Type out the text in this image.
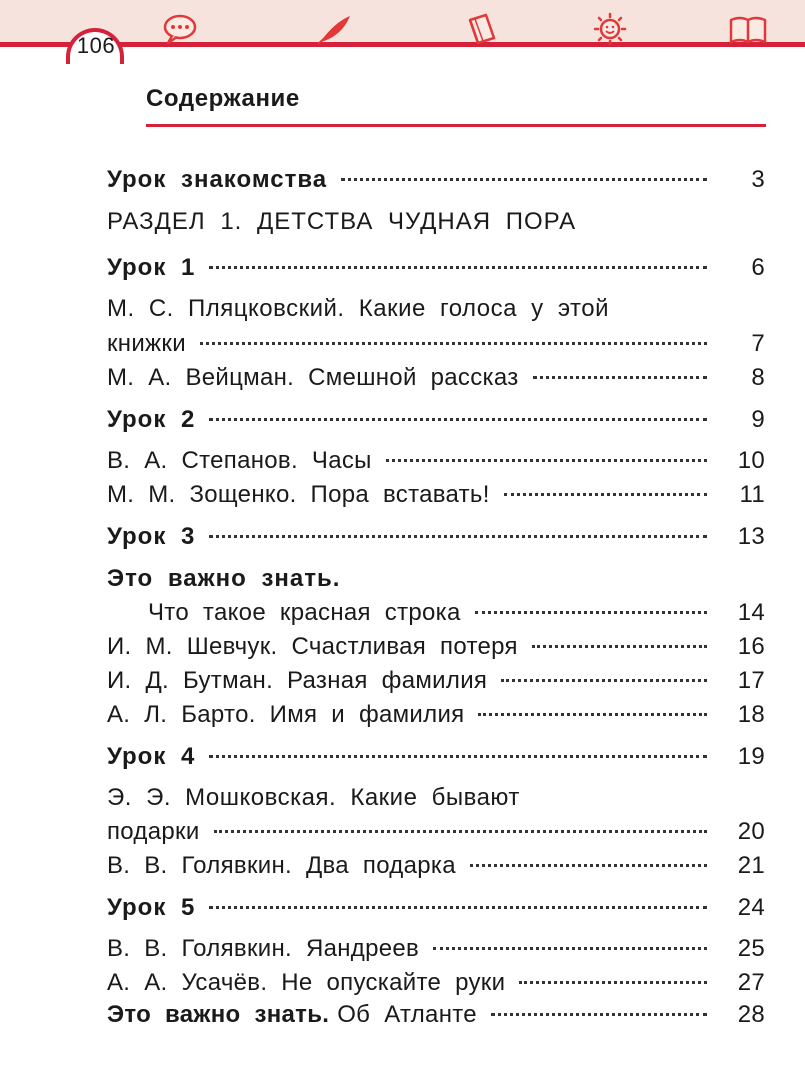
106
Содержание
Урок знакомства	3
РАЗДЕЛ 1. ДЕТСТВА ЧУДНАЯ ПОРА
Урок 1	6
М. С. Пляцковский. Какие голоса у этой
книжки	7
М. А. Вейцман. Смешной рассказ	8
Урок 2	9
В. А. Степанов. Часы	10
М. М. Зощенко. Пора вставать!	11
Урок 3	13
Это важно знать.
Что такое красная строка	14
И. М. Шевчук. Счастливая потеря	16
И. Д. Бутман. Разная фамилия	17
А. Л. Барто. Имя и фамилия	18
Урок 4	19
Э. Э. Мошковская. Какие бывают
подарки	20
В. В. Голявкин. Два подарка	21
Урок 5	24
В. В. Голявкин. Яандреев	25
А. А. Усачёв. Не опускайте руки	27
Это важно знать. Об Атланте	28
